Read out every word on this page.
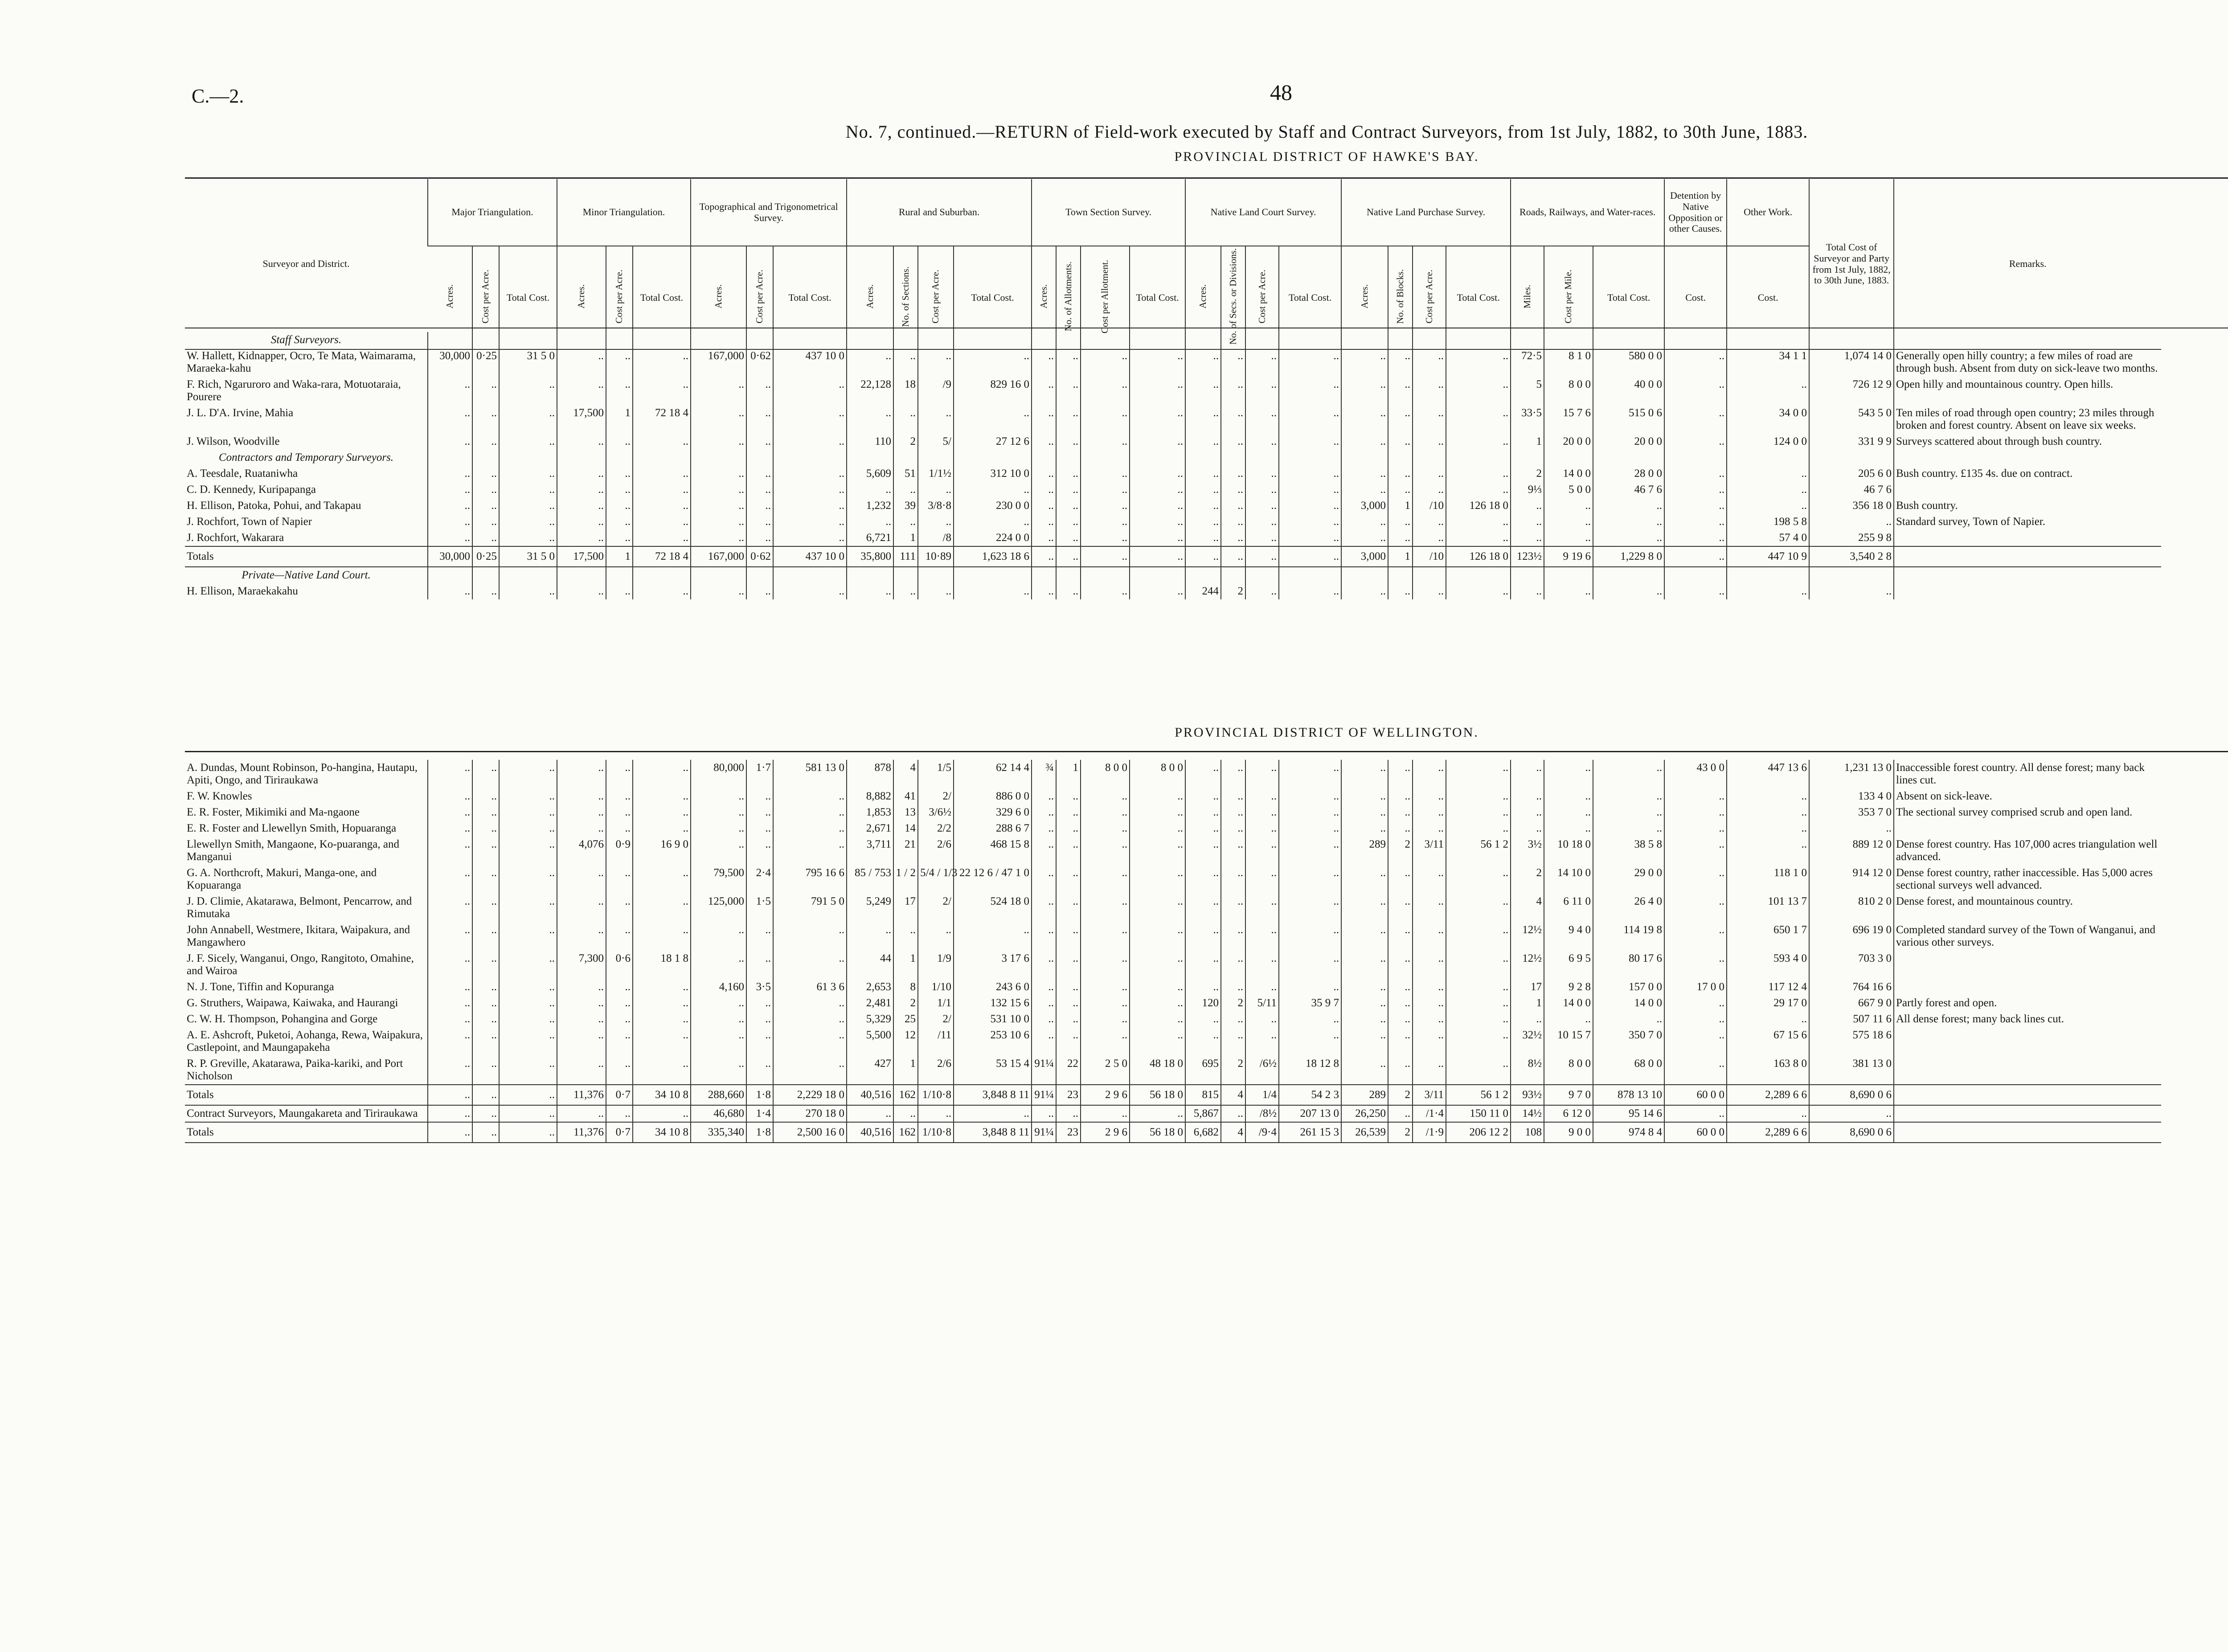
C.—2.	48
No. 7, continued.—RETURN of Field-work executed by Staff and Contract Surveyors, from 1st July, 1882, to 30th June, 1883.
PROVINCIAL DISTRICT OF HAWKE'S BAY.
Surveyor and District.	Major Triangulation.			Minor Triangulation.			Topographical and Trigonometrical Survey.			Rural and Suburban.				Town Section Survey.				Native Land Court Survey.				Native Land Purchase Survey.				Roads, Railways, and Water-races.			Detention by Native Opposition or other Causes.	Other Work.	Total Cost of Surveyor and Party from 1st July, 1882, to 30th June, 1883.	Remarks.
	Acres.	Cost per Acre.	Total Cost.	Acres.	Cost per Acre.	Total Cost.	Acres.	Cost per Acre.	Total Cost.	Acres.	No. of Sections.	Cost per Acre.	Total Cost.	Acres.	No. of Allotments.	Cost per Allotment.	Total Cost.	Acres.	No. of Secs. or Divisions.	Cost per Acre.	Total Cost.	Acres.	No. of Blocks.	Cost per Acre.	Total Cost.	Miles.	Cost per Mile.	Total Cost.	Cost.	Cost.		
Staff Surveyors.																																
W. Hallett, Kidnapper, Ocro, Te Mata, Waimarama, Maraeka-kahu	30,000	0·25	31 5 0	..	..	..	167,000	0·62	437 10 0	..	..	..	..	..	..	..	..	..	..	..	..	..	..	..	..	72·5	8 1 0	580 0 0	..	34 1 1	1,074 14 0	Generally open hilly country; a few miles of road are through bush. Absent from duty on sick-leave two months.
F. Rich, Ngaruroro and Waka-rara, Motuotaraia, Pourere	..	..	..	..	..	..	..	..	..	22,128	18	/9	829 16 0	..	..	..	..	..	..	..	..	..	..	..	..	5	8 0 0	40 0 0	..	..	726 12 9	Open hilly and mountainous country. Open hills.
J. L. D'A. Irvine, Mahia	..	..	..	17,500	1	72 18 4	..	..	..	..	..	..	..	..	..	..	..	..	..	..	..	..	..	..	..	33·5	15 7 6	515 0 6	..	34 0 0	543 5 0	Ten miles of road through open country; 23 miles through broken and forest country. Absent on leave six weeks.
J. Wilson, Woodville	..	..	..	..	..	..	..	..	..	110	2	5/	27 12 6	..	..	..	..	..	..	..	..	..	..	..	..	1	20 0 0	20 0 0	..	124 0 0	331 9 9	Surveys scattered about through bush country.
Contractors and Temporary Surveyors.																																
A. Teesdale, Ruataniwha	..	..	..	..	..	..	..	..	..	5,609	51	1/1½	312 10 0	..	..	..	..	..	..	..	..	..	..	..	..	2	14 0 0	28 0 0	..	..	205 6 0	Bush country. £135 4s. due on contract.
C. D. Kennedy, Kuripapanga	..	..	..	..	..	..	..	..	..	..	..	..	..	..	..	..	..	..	..	..	..	..	..	..	..	9⅓	5 0 0	46 7 6	..	..	46 7 6	
H. Ellison, Patoka, Pohui, and Takapau	..	..	..	..	..	..	..	..	..	1,232	39	3/8·8	230 0 0	..	..	..	..	..	..	..	..	3,000	1	/10	126 18 0	..	..	..	..	..	356 18 0	Bush country.
J. Rochfort, Town of Napier	..	..	..	..	..	..	..	..	..	..	..	..	..	..	..	..	..	..	..	..	..	..	..	..	..	..	..	..	..	198 5 8	..	Standard survey, Town of Napier.
J. Rochfort, Wakarara	..	..	..	..	..	..	..	..	..	6,721	1	/8	224 0 0	..	..	..	..	..	..	..	..	..	..	..	..	..	..	..	..	57 4 0	255 9 8	
Totals	30,000	0·25	31 5 0	17,500	1	72 18 4	167,000	0·62	437 10 0	35,800	111	10·89	1,623 18 6	..	..	..	..	..	..	..	..	3,000	1	/10	126 18 0	123½	9 19 6	1,229 8 0	..	447 10 9	3,540 2 8	
Private—Native Land Court.																																
H. Ellison, Maraekakahu	..	..	..	..	..	..	..	..	..	..	..	..	..	..	..	..	..	244	2	..	..	..	..	..	..	..	..	..	..	..	..	
PROVINCIAL DISTRICT OF WELLINGTON.
A. Dundas, Mount Robinson, Po-hangina, Hautapu, Apiti, Ongo, and Tiriraukawa	..	..	..	..	..	..	80,000	1·7	581 13 0	878	4	1/5	62 14 4	¾	1	8 0 0	8 0 0	..	..	..	..	..	..	..	..	..	..	..	43 0 0	447 13 6	1,231 13 0	Inaccessible forest country. All dense forest; many back lines cut.
F. W. Knowles	..	..	..	..	..	..	..	..	..	8,882	41	2/	886 0 0	..	..	..	..	..	..	..	..	..	..	..	..	..	..	..	..	..	133 4 0	Absent on sick-leave.
E. R. Foster, Mikimiki and Ma-ngaone	..	..	..	..	..	..	..	..	..	1,853	13	3/6½	329 6 0	..	..	..	..	..	..	..	..	..	..	..	..	..	..	..	..	..	353 7 0	The sectional survey comprised scrub and open land.
E. R. Foster and Llewellyn Smith, Hopuaranga	..	..	..	..	..	..	..	..	..	2,671	14	2/2	288 6 7	..	..	..	..	..	..	..	..	..	..	..	..	..	..	..	..	..	..	
Llewellyn Smith, Mangaone, Ko-puaranga, and Manganui	..	..	..	4,076	0·9	16 9 0	..	..	..	3,711	21	2/6	468 15 8	..	..	..	..	..	..	..	..	289	2	3/11	56 1 2	3½	10 18 0	38 5 8	..	..	889 12 0	Dense forest country. Has 107,000 acres triangulation well advanced.
G. A. Northcroft, Makuri, Manga-one, and Kopuaranga	..	..	..	..	..	..	79,500	2·4	795 16 6	85 / 753	1 / 2	5/4 / 1/3	22 12 6 / 47 1 0	..	..	..	..	..	..	..	..	..	..	..	..	2	14 10 0	29 0 0	..	118 1 0	914 12 0	Dense forest country, rather inaccessible. Has 5,000 acres sectional surveys well advanced.
J. D. Climie, Akatarawa, Belmont, Pencarrow, and Rimutaka	..	..	..	..	..	..	125,000	1·5	791 5 0	5,249	17	2/	524 18 0	..	..	..	..	..	..	..	..	..	..	..	..	4	6 11 0	26 4 0	..	101 13 7	810 2 0	Dense forest, and mountainous country.
John Annabell, Westmere, Ikitara, Waipakura, and Mangawhero	..	..	..	..	..	..	..	..	..	..	..	..	..	..	..	..	..	..	..	..	..	..	..	..	..	12½	9 4 0	114 19 8	..	650 1 7	696 19 0	Completed standard survey of the Town of Wanganui, and various other surveys.
J. F. Sicely, Wanganui, Ongo, Rangitoto, Omahine, and Wairoa	..	..	..	7,300	0·6	18 1 8	..	..	..	44	1	1/9	3 17 6	..	..	..	..	..	..	..	..	..	..	..	..	12½	6 9 5	80 17 6	..	593 4 0	703 3 0	
N. J. Tone, Tiffin and Kopuranga	..	..	..	..	..	..	4,160	3·5	61 3 6	2,653	8	1/10	243 6 0	..	..	..	..	..	..	..	..	..	..	..	..	17	9 2 8	157 0 0	17 0 0	117 12 4	764 16 6	
G. Struthers, Waipawa, Kaiwaka, and Haurangi	..	..	..	..	..	..	..	..	..	2,481	2	1/1	132 15 6	..	..	..	..	120	2	5/11	35 9 7	..	..	..	..	1	14 0 0	14 0 0	..	29 17 0	667 9 0	Partly forest and open.
C. W. H. Thompson, Pohangina and Gorge	..	..	..	..	..	..	..	..	..	5,329	25	2/	531 10 0	..	..	..	..	..	..	..	..	..	..	..	..	..	..	..	..	..	507 11 6	All dense forest; many back lines cut.
A. E. Ashcroft, Puketoi, Aohanga, Rewa, Waipakura, Castlepoint, and Maungapakeha	..	..	..	..	..	..	..	..	..	5,500	12	/11	253 10 6	..	..	..	..	..	..	..	..	..	..	..	..	32½	10 15 7	350 7 0	..	67 15 6	575 18 6	
R. P. Greville, Akatarawa, Paika-kariki, and Port Nicholson	..	..	..	..	..	..	..	..	..	427	1	2/6	53 15 4	91¼	22	2 5 0	48 18 0	695	2	/6½	18 12 8	..	..	..	..	8½	8 0 0	68 0 0	..	163 8 0	381 13 0	
Totals	..	..	..	11,376	0·7	34 10 8	288,660	1·8	2,229 18 0	40,516	162	1/10·8	3,848 8 11	91¼	23	2 9 6	56 18 0	815	4	1/4	54 2 3	289	2	3/11	56 1 2	93½	9 7 0	878 13 10	60 0 0	2,289 6 6	8,690 0 6	
Contract Surveyors, Maungakareta and Tiriraukawa	..	..	..	..	..	..	46,680	1·4	270 18 0	..	..	..	..	..	..	..	..	5,867	..	/8½	207 13 0	26,250	..	/1·4	150 11 0	14½	6 12 0	95 14 6	..	..	..	
Totals	..	..	..	11,376	0·7	34 10 8	335,340	1·8	2,500 16 0	40,516	162	1/10·8	3,848 8 11	91¼	23	2 9 6	56 18 0	6,682	4	/9·4	261 15 3	26,539	2	/1·9	206 12 2	108	9 0 0	974 8 4	60 0 0	2,289 6 6	8,690 0 6	
